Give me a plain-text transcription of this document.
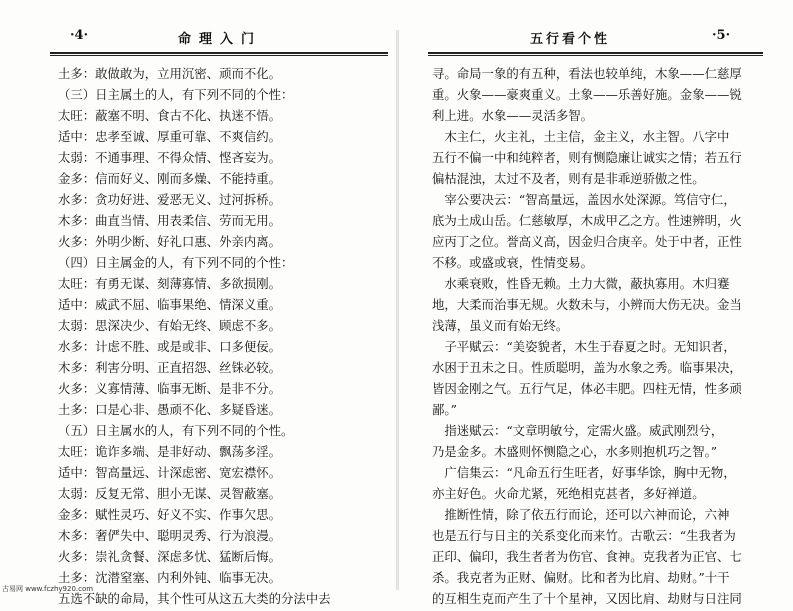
·4·	命理入门
土多：敢做敢为，立用沉密、顽而不化。
（三）日主属土的人，有下列不同的个性：
太旺：蔽塞不明、食古不化、执迷不悟。
适中：忠孝至诚、厚重可靠、不爽信约。
太弱：不通事理、不得众情、悭吝妄为。
金多：信而好义、刚而多燥、不能持重。
水多：贪功好进、爱恶无义、过河拆桥。
木多：曲直当情、用表柔信、劳而无用。
火多：外明少断、好礼口惠、外亲内离。
（四）日主属金的人，有下列不同的个性：
太旺：有勇无谋、刻薄寡情、多欲损刚。
适中：威武不屈、临事果绝、情深义重。
太弱：思深决少、有始无终、顾虑不多。
水多：计虑不胜、或是或非、口多便佞。
木多：利害分明、正直招怨、丝铢必较。
火多：义寡情薄、临事无断、是非不分。
土多：口是心非、愚顽不化、多疑昏迷。
（五）日主属水的人，有下列不同的个性。
太旺：诡诈多端、是非好动、飘荡多淫。
适中：智高量远、计深虑密、宽宏襟怀。
太弱：反复无常、胆小无谋、灵智蔽塞。
金多：赋性灵巧、好义不实、作事欠思。
木多：奢俨失中、聪明灵秀、行为浪漫。
火多：崇礼贪餐、深虑多忧、猛断后悔。
土多：沈潜窒塞、内利外钝、临事无决。
五选不缺的命局，其个性可从这五大类的分法中去
五行看个性	·5·
寻。命局一象的有五种，看法也较单纯，木象——仁慈厚
重。火象——豪爽重义。土象——乐善好施。金象——锐
利上进。水象——灵活多智。
　木主仁，火主礼，土主信，金主义，水主智。八字中
五行不偏一中和纯粹者，则有恻隐廉让诚实之情；若五行
偏枯混浊，太过不及者，则有是非乖逆骄傲之性。
　宰公要决云：“智高量远，盖因水处深源。笃信守仁，
底为土成山岳。仁慈敏厚，木成甲乙之方。性速辨明，火
应丙丁之位。誉高义高，因金归合庚辛。处于中者，正性
不移。或盛或衰，性情变易。
　水乘衰败，性昏无赖。土力大微，蔽执寡用。木归蹇
地，大柔而治事无规。火数未与，小辨而大伤无决。金当
浅薄，虽义而有始无终。
　子平赋云：“美姿貌者，木生于春夏之时。无知识者，
水困于丑未之日。性质聪明，盖为水象之秀。临事果决，
皆因金刚之气。五行气足，体必丰肥。四柱无情，性多顽
鄙。”
　指迷赋云：“文章明敏兮，定需火盛。威武刚烈兮，
乃是金多。木盛则怀恻隐之心，水多则抱机巧之智。”
　广信集云：“凡命五行生旺者，好事华馀，胸中无物，
亦主好色。火命尤紧，死绝相克甚者，多好禅道。
　推断性情，除了依五行而论，还可以六神而论，六神
也是五行与日主的关系变化而来竹。古歌云：“生我者为
正印、偏印，我生者者为伤官、食神。克我者为正官、七
杀。我克者为正财、偏财。比和者为比肩、劫财。”十干
的互相生克而产生了十个星神，又因比肩、劫财与日注同
古易网 www.fczhy920.com
